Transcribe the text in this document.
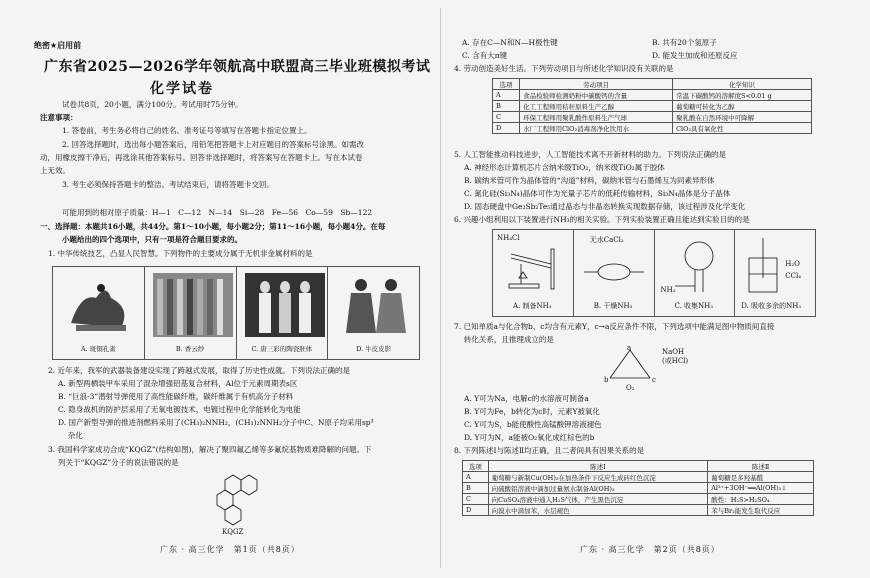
绝密★启用前
广东省2025—2026学年领航高中联盟高三毕业班模拟考试
化学试卷
试卷共8页，20小题，满分100分。考试用时75分钟。
注意事项：
1. 答卷前，考生务必将自己的姓名、准考证号等填写在答题卡指定位置上。
2. 回答选择题时，选出每小题答案后，用铅笔把答题卡上对应题目的答案标号涂黑。如需改
动，用橡皮擦干净后，再选涂其他答案标号。回答非选择题时，将答案写在答题卡上。写在本试卷
上无效。
3. 考生必须保持答题卡的整洁。考试结束后，请将答题卡交回。
可能用到的相对原子质量：H—1　C—12　N—14　Si—28　Fe—56　Co—59　Sb—122
一、选择题：本题共16小题，共44分。第1～10小题，每小题2分；第11～16小题，每小题4分。在每
小题给出的四个选项中，只有一项是符合题目要求的。
1. 中华传统技艺，凸显人民智慧。下列物件的主要成分属于无机非金属材料的是
A. 斑铜孔雀	B. 香云纱	C. 唐三彩的陶瓷胚体	D. 牛皮皮影
2. 近年来，我军的武器装备建设实现了跨越式发展，取得了历史性成就。下列说法正确的是
A. 新型两栖装甲车采用了混杂增强铝基复合材料，Al位于元素周期表s区
B. “巨浪-3”潜射导弹使用了高性能碳纤维，碳纤维属于有机高分子材料
C. 隐身战机的防护层采用了无氧电镀技术，电镀过程中化学能转化为电能
D. 国产新型导弹的推进剂燃料采用了(CH₃)₂NNH₂，(CH₃)₂NNH₂分子中C、N原子均采用sp³
　 杂化
3. 我国科学家成功合成“KQGZ”(结构如图)，解决了聚四氟乙烯等多氟烷基物质难降解的问题。下
列关于“KQGZ”分子的说法错误的是
KQGZ
广东 · 高三化学　第1页（共8页）
A. 存在C—N和N—H极性键	B. 共有20个氢原子
C. 含有大π键	D. 能发生加成和还原反应
4. 劳动创造美好生活。下列劳动项目与所述化学知识没有关联的是
选项	劳动项目	化学知识
A	食品检验师检测奶粉中碳酸钙的含量	常温下碳酸钙的溶解度S<0.01 g
B	化工工程师用秸秆原料生产乙醇	葡萄糖可转化为乙醇
C	环保工程师用聚乳酸作原料生产气球	聚乳酸在自然环境中可降解
D	水厂工程师用ClO₂消毒剂净化饮用水	ClO₂具有氧化性
5. 人工智能推动科技进步，人工智能技术离不开新材料的助力。下列说法正确的是
A. 神经形态计算机芯片含纳米级TiO₂，纳米级TiO₂属于胶体
B. 碳纳米管可作为晶体管的“沟道”材料，碳纳米管与石墨烯互为同素异形体
C. 氮化硅(Si₃N₄)晶体可作为光量子芯片的低耗传输材料，Si₃N₄晶体是分子晶体
D. 固态硬盘中Ge₂Sb₂Te₅通过晶态与非晶态转换实现数据存储，该过程涉及化学变化
6. 兴趣小组利用以下装置进行NH₃的相关实验。下列实验装置正确且能达到实验目的的是
NH₄Cl
A. 制备NH₃
无水CaCl₂
B. 干燥NH₃
NH₃
C. 收集NH₃
H₂O
CCl₄
D. 吸收多余的NH₃
7. 已知单质a与化合物b、c均含有元素Y，c→a反应条件不限，下列选项中能满足图中物质间直接
　 转化关系，且推理成立的是
a
b	c
NaOH
(或HCl)
O₂
A. Y可为Na，电解c的水溶液可制备a
B. Y可为Fe，b转化为c时，元素Y被氧化
C. Y可为S，b能使酸性高锰酸钾溶液褪色
D. Y可为N，a能被O₂氧化成红棕色的b
8. 下列陈述Ⅰ与陈述Ⅱ均正确，且二者间具有因果关系的是
选项	陈述Ⅰ	陈述Ⅱ
A	葡萄糖与新制Cu(OH)₂在加热条件下反应生成砖红色沉淀	葡萄糖是多羟基醛
B	向硫酸铝溶液中滴加过量氨水制备Al(OH)₃	Al³⁺+3OH⁻══Al(OH)₃↓
C	向CuSO₄溶液中通入H₂S气体，产生黑色沉淀	酸性：H₂S>H₂SO₄
D	向溴水中滴加苯，水层褪色	苯与Br₂能发生取代反应
广东 · 高三化学　第2页（共8页）
